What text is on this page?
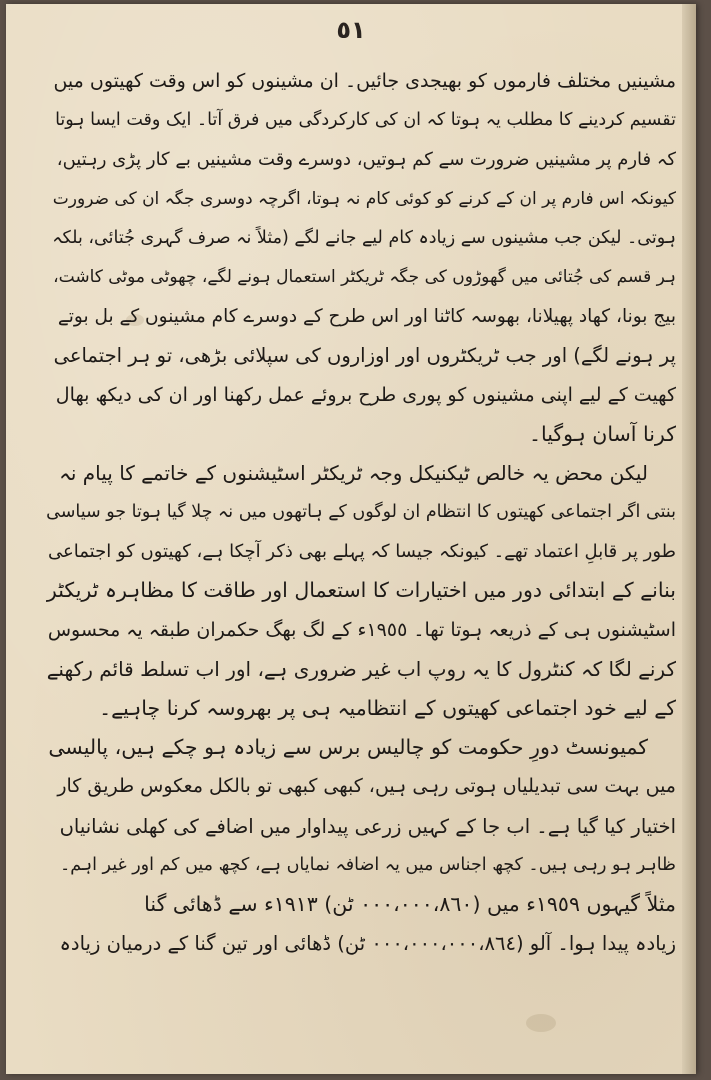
٥١
مشینیں مختلف فارموں کو بھیجدی جائیں۔ ان مشینوں کو اس وقت کھیتوں میں
تقسیم کردینے کا مطلب یہ ہوتا کہ ان کی کارکردگی میں فرق آتا۔ ایک وقت ایسا ہوتا
کہ فارم پر مشینیں ضرورت سے کم ہوتیں، دوسرے وقت مشینیں بے کار پڑی رہتیں،
کیونکہ اس فارم پر ان کے کرنے کو کوئی کام نہ ہوتا، اگرچہ دوسری جگہ ان کی ضرورت
ہوتی۔ لیکن جب مشینوں سے زیادہ کام لیے جانے لگے (مثلاً نہ صرف گہری جُتائی، بلکہ
ہر قسم کی جُتائی میں گھوڑوں کی جگہ ٹریکٹر استعمال ہونے لگے، چھوٹی موٹی کاشت،
بیج بونا، کھاد پھیلانا، بھوسہ کاٹنا اور اس طرح کے دوسرے کام مشینوں کے بل بوتے
پر ہونے لگے) اور جب ٹریکٹروں اور اوزاروں کی سپلائی بڑھی، تو ہر اجتماعی
کھیت کے لیے اپنی مشینوں کو پوری طرح بروئے عمل رکھنا اور ان کی دیکھ بھال
کرنا آسان ہوگیا۔
لیکن محض یہ خالص ٹیکنیکل وجہ ٹریکٹر اسٹیشنوں کے خاتمے کا پیام نہ
بنتی اگر اجتماعی کھیتوں کا انتظام ان لوگوں کے ہاتھوں میں نہ چلا گیا ہوتا جو سیاسی
طور پر قابلِ اعتماد تھے۔ کیونکہ جیسا کہ پہلے بھی ذکر آچکا ہے، کھیتوں کو اجتماعی
بنانے کے ابتدائی دور میں اختیارات کا استعمال اور طاقت کا مظاہرہ ٹریکٹر
اسٹیشنوں ہی کے ذریعہ ہوتا تھا۔ ١٩٥٥ء کے لگ بھگ حکمران طبقہ یہ محسوس
کرنے لگا کہ کنٹرول کا یہ روپ اب غیر ضروری ہے، اور اب تسلط قائم رکھنے
کے لیے خود اجتماعی کھیتوں کے انتظامیہ ہی پر بھروسہ کرنا چاہیے۔
کمیونسٹ دورِ حکومت کو چالیس برس سے زیادہ ہو چکے ہیں، پالیسی
میں بہت سی تبدیلیاں ہوتی رہی ہیں، کبھی کبھی تو بالکل معکوس طریق کار
اختیار کیا گیا ہے۔ اب جا کے کہیں زرعی پیداوار میں اضافے کی کھلی نشانیاں
ظاہر ہو رہی ہیں۔ کچھ اجناس میں یہ اضافہ نمایاں ہے، کچھ میں کم اور غیر اہم۔
مثلاً گیہوں ١٩٥٩ء میں (٠٠٠،٠٠٠،٨٦٠ ٹن) ١٩١٣ء سے ڈھائی گنا
زیادہ پیدا ہوا۔ آلو (٠٠٠،٠٠٠،٠٠٠،٨٦٤ ٹن) ڈھائی اور تین گنا کے درمیان زیادہ
